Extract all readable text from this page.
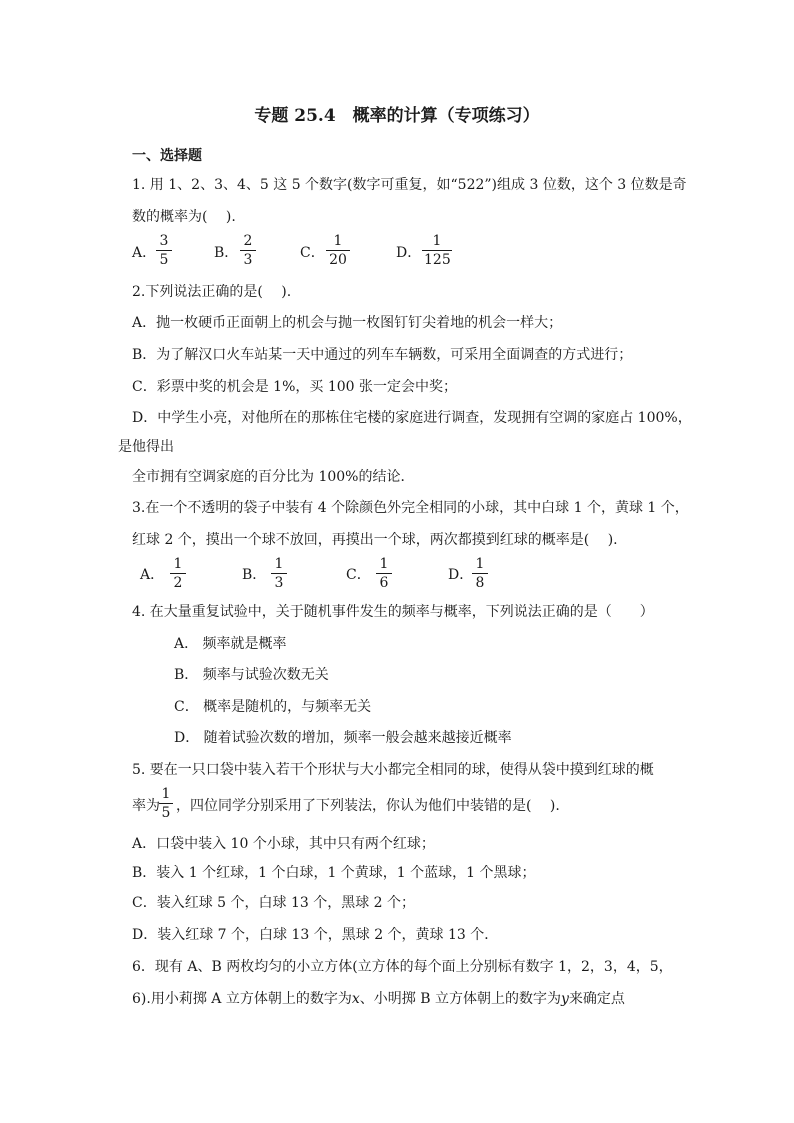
专题 25.4　概率的计算（专项练习）
一、选择题
1. 用 1、2、3、4、5 这 5 个数字(数字可重复，如“522”)组成 3 位数，这个 3 位数是奇
数的概率为(　 ).
A．
3
5	B．
2
3	C．
1
20	D．
1
125
2.下列说法正确的是(　 ).
A．抛一枚硬币正面朝上的机会与抛一枚图钉钉尖着地的机会一样大；
B．为了解汉口火车站某一天中通过的列车车辆数，可采用全面调查的方式进行；
C．彩票中奖的机会是 1%，买 100 张一定会中奖；
D．中学生小亮，对他所在的那栋住宅楼的家庭进行调查，发现拥有空调的家庭占 100%，
是他得出
全市拥有空调家庭的百分比为 100%的结论．
3.在一个不透明的袋子中装有 4 个除颜色外完全相同的小球，其中白球 1 个，黄球 1 个，
红球 2 个，摸出一个球不放回，再摸出一个球，两次都摸到红球的概率是(　 ).
A．
1
2	B．
1
3	C．
1
6	D．
1
8
4. 在大量重复试验中，关于随机事件发生的频率与概率，下列说法正确的是（　　）
A． 频率就是概率
B． 频率与试验次数无关
C． 概率是随机的，与频率无关
D． 随着试验次数的增加，频率一般会越来越接近概率
5. 要在一只口袋中装入若干个形状与大小都完全相同的球，使得从袋中摸到红球的概
率为
1
5 ，四位同学分别采用了下列装法，你认为他们中装错的是(　 ).
A．口袋中装入 10 个小球，其中只有两个红球；
B．装入 1 个红球，1 个白球，1 个黄球，1 个蓝球，1 个黑球；
C．装入红球 5 个，白球 13 个，黑球 2 个；
D．装入红球 7 个，白球 13 个，黑球 2 个，黄球 13 个．
6．现有 A、B 两枚均匀的小立方体(立方体的每个面上分别标有数字 1，2，3，4，5，
6).用小莉掷 A 立方体朝上的数字为x、小明掷 B 立方体朝上的数字为y来确定点
